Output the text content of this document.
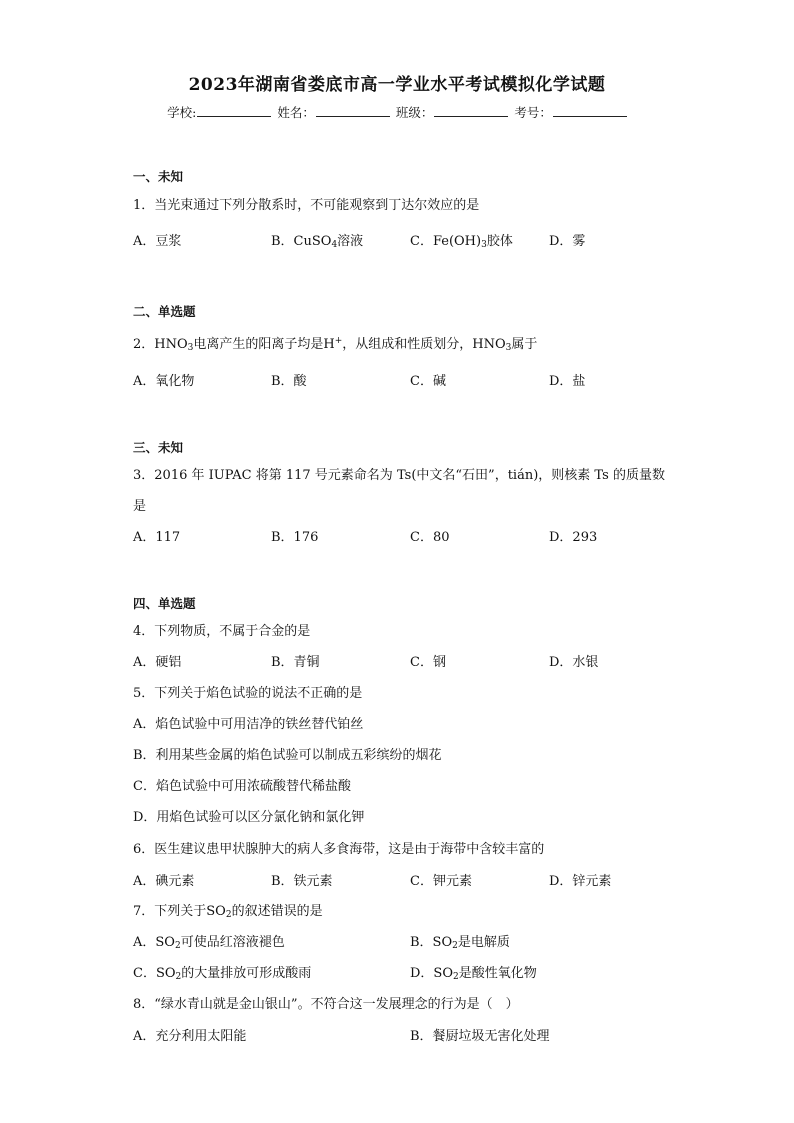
2023年湖南省娄底市高一学业水平考试模拟化学试题
学校:	姓名：	班级：	考号：
一、未知
1．当光束通过下列分散系时，不可能观察到丁达尔效应的是
A．豆浆	B．CuSO$_4$溶液	C．$Fe(OH)_3$胶体	D．雾
二、单选题
2．$HNO_3$电离产生的阳离子均是H+，从组成和性质划分，$HNO_3$属于
A．氧化物	B．酸	C．碱	D．盐
三、未知
3．2016 年 IUPAC 将第 117 号元素命名为 Ts(中文名“石田”，tián)，则核素 Ts 的质量数
是
A．117	B．176	C．80	D．293
四、单选题
4．下列物质，不属于合金的是
A．硬铝	B．青铜	C．钢	D．水银
5．下列关于焰色试验的说法不正确的是
A．焰色试验中可用洁净的铁丝替代铂丝
B．利用某些金属的焰色试验可以制成五彩缤纷的烟花
C．焰色试验中可用浓硫酸替代稀盐酸
D．用焰色试验可以区分氯化钠和氯化钾
6．医生建议患甲状腺肿大的病人多食海带，这是由于海带中含较丰富的
A．碘元素	B．铁元素	C．钾元素	D．锌元素
7．下列关于$SO_2$的叙述错误的是
A．$SO_2$可使品红溶液褪色	B．$SO_2$是电解质
C．$SO_2$的大量排放可形成酸雨	D．$SO_2$是酸性氧化物
8．“绿水青山就是金山银山”。不符合这一发展理念的行为是（　）
A．充分利用太阳能	B．餐厨垃圾无害化处理
